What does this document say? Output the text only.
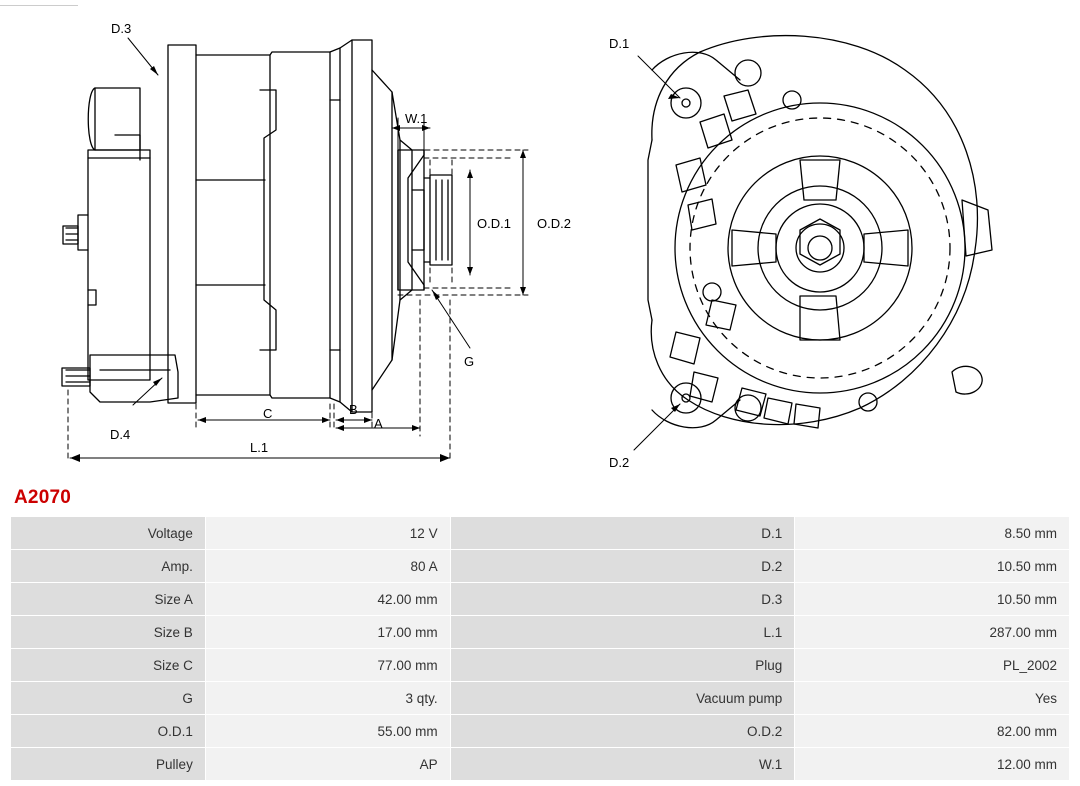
D.3
D.4
G
W.1
O.D.1 O.D.2
C	B
A
L.1
D.1
D.2
A2070
Voltage	12 V	D.1	8.50 mm
Amp.	80 A	D.2	10.50 mm
Size A	42.00 mm	D.3	10.50 mm
Size B	17.00 mm	L.1	287.00 mm
Size C	77.00 mm	Plug	PL_2002
G	3 qty.	Vacuum pump	Yes
O.D.1	55.00 mm	O.D.2	82.00 mm
Pulley	AP	W.1	12.00 mm
